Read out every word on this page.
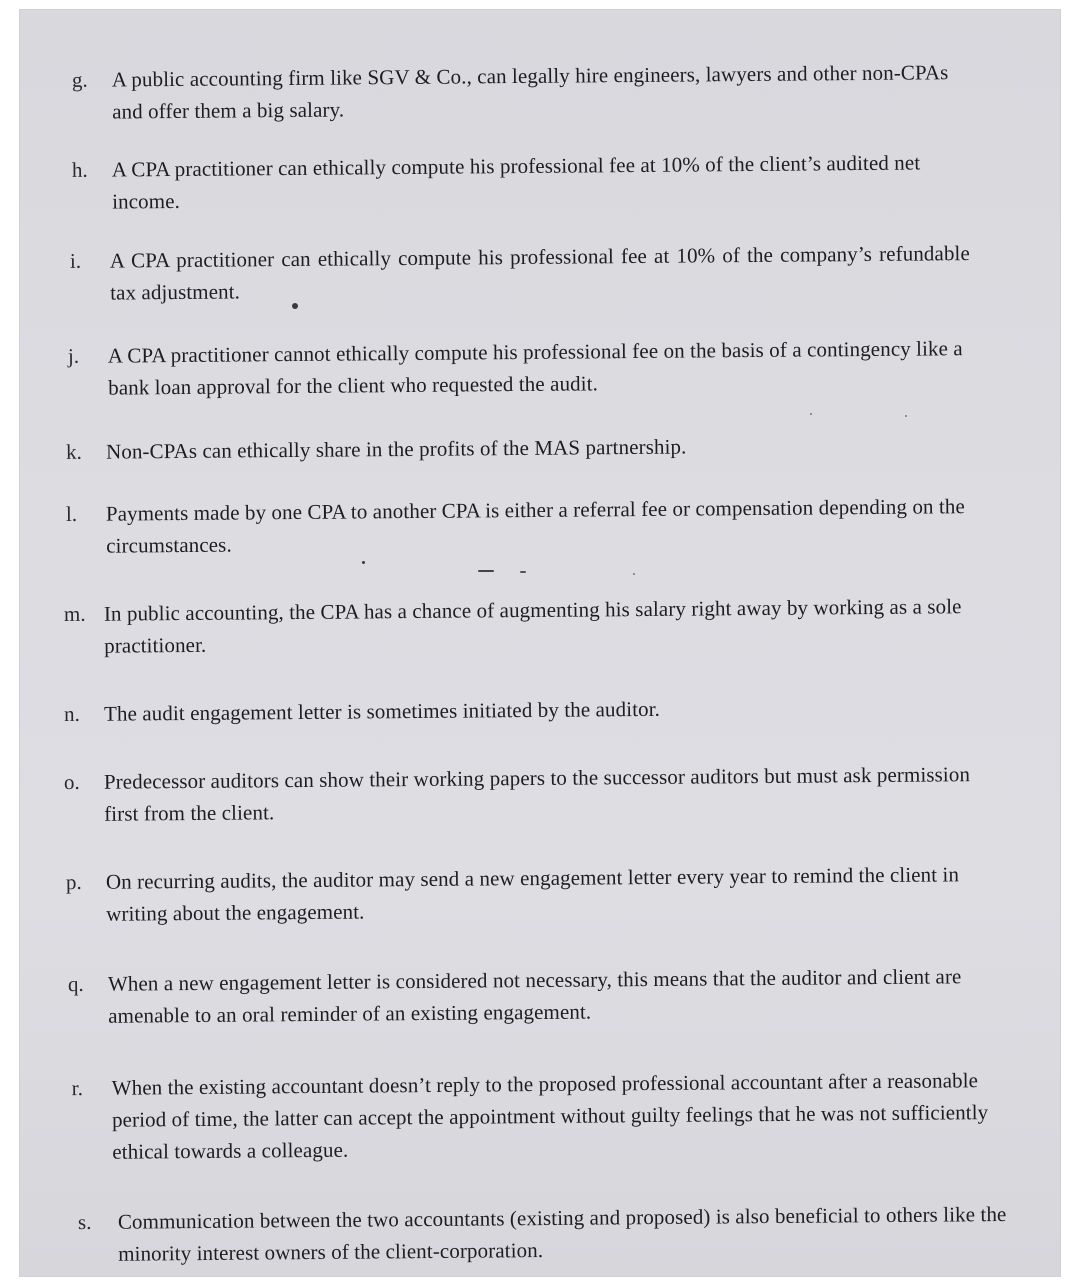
g.	A public accounting firm like SGV & Co., can legally hire engineers, lawyers and other non-CPAs and offer them a big salary.
h.	A CPA practitioner can ethically compute his professional fee at 10% of the client’s audited net income.
i.	A CPA practitioner can ethically compute his professional fee at 10% of the company’s refundable tax adjustment.
j.	A CPA practitioner cannot ethically compute his professional fee on the basis of a contingency like a bank loan approval for the client who requested the audit.
k.	Non-CPAs can ethically share in the profits of the MAS partnership.
l.	Payments made by one CPA to another CPA is either a referral fee or compensation depending on the circumstances.
m. In public accounting, the CPA has a chance of augmenting his salary right away by working as a sole practitioner.
n.	The audit engagement letter is sometimes initiated by the auditor.
o.	Predecessor auditors can show their working papers to the successor auditors but must ask permission first from the client.
p.	On recurring audits, the auditor may send a new engagement letter every year to remind the client in writing about the engagement.
q.	When a new engagement letter is considered not necessary, this means that the auditor and client are amenable to an oral reminder of an existing engagement.
r.	When the existing accountant doesn’t reply to the proposed professional accountant after a reasonable period of time, the latter can accept the appointment without guilty feelings that he was not sufficiently ethical towards a colleague.
s.	Communication between the two accountants (existing and proposed) is also beneficial to others like the minority interest owners of the client-corporation.
